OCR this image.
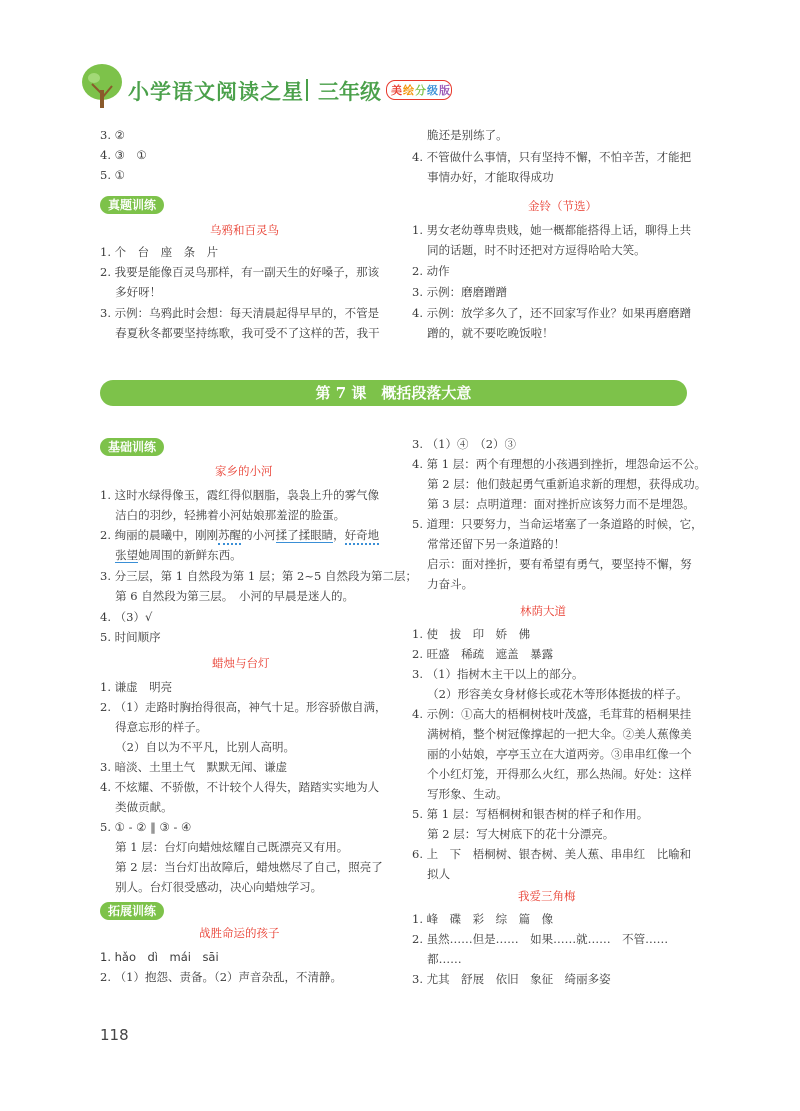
小学语文阅读之星 三年级 美 绘 分 级 版
3. ②
4. ③　①
5. ①
真题训练
乌鸦和百灵鸟
1. 个　台　座　条　片
2. 我要是能像百灵鸟那样，有一副天生的好嗓子，那该
　 多好呀！
3. 示例：乌鸦此时会想：每天清晨起得早早的，不管是
　 春夏秋冬都要坚持练歌，我可受不了这样的苦，我干
　 脆还是别练了。
4. 不管做什么事情，只有坚持不懈，不怕辛苦，才能把
　 事情办好，才能取得成功
金铃（节选）
1. 男女老幼尊卑贵贱，她一概都能搭得上话，聊得上共
　 同的话题，时不时还把对方逗得哈哈大笑。
2. 动作
3. 示例：磨磨蹭蹭
4. 示例：放学多久了，还不回家写作业？如果再磨磨蹭
　 蹭的，就不要吃晚饭啦！
第 7 课　概括段落大意
基础训练
家乡的小河
1. 这时水绿得像玉，霞红得似胭脂，袅袅上升的雾气像
　 洁白的羽纱，轻拂着小河姑娘那羞涩的脸蛋。
2. 绚丽的晨曦中，刚刚苏醒的小河揉了揉眼睛，好奇地
　 张望她周围的新鲜东西。
3. 分三层，第 1 自然段为第 1 层；第 2~5 自然段为第二层；
　 第 6 自然段为第三层。　小河的早晨是迷人的。
4. （3）√
5. 时间顺序
蜡烛与台灯
1. 谦虚　明亮
2. （1）走路时胸抬得很高，神气十足。形容骄傲自满，
　 得意忘形的样子。
　 （2）自以为不平凡，比别人高明。
3. 暗淡、土里土气　默默无闻、谦虚
4. 不炫耀、不骄傲，不计较个人得失，踏踏实实地为人
　 类做贡献。
5. ① - ② ‖ ③ - ④
　 第 1 层：台灯向蜡烛炫耀自己既漂亮又有用。
　 第 2 层：当台灯出故障后，蜡烛燃尽了自己，照亮了
　 别人。台灯很受感动，决心向蜡烛学习。
拓展训练
战胜命运的孩子
1. hǎo　dì　mái　sāi
2. （1）抱怨、责备。（2）声音杂乱，不清静。
3. （1）④　（2）③
4. 第 1 层：两个有理想的小孩遇到挫折，埋怨命运不公。
　 第 2 层：他们鼓起勇气重新追求新的理想，获得成功。
　 第 3 层：点明道理：面对挫折应该努力而不是埋怨。
5. 道理：只要努力，当命运堵塞了一条道路的时候，它，
　 常常还留下另一条道路的！
　 启示：面对挫折，要有希望有勇气，要坚持不懈，努
　 力奋斗。
林荫大道
1. 使　拔　印　娇　佛
2. 旺盛　稀疏　遮盖　暴露
3. （1）指树木主干以上的部分。
　 （2）形容美女身材修长或花木等形体挺拔的样子。
4. 示例：①高大的梧桐树枝叶茂盛，毛茸茸的梧桐果挂
　 满树梢，整个树冠像撑起的一把大伞。②美人蕉像美
　 丽的小姑娘，亭亭玉立在大道两旁。③串串红像一个
　 个小红灯笼，开得那么火红，那么热闹。好处：这样
　 写形象、生动。
5. 第 1 层：写梧桐树和银杏树的样子和作用。
　 第 2 层：写大树底下的花十分漂亮。
6. 上　下　梧桐树、银杏树、美人蕉、串串红　比喻和
　 拟人
我爱三角梅
1. 峰　碟　彩　综　篇　像
2. 虽然……但是……　如果……就……　不管……
　 都……
3. 尤其　舒展　依旧　象征　绮丽多姿
118
